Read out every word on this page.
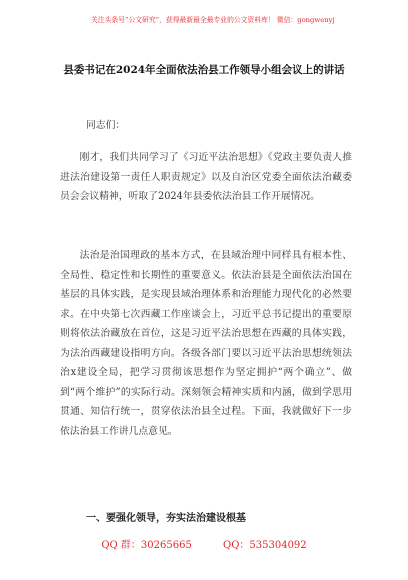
关注头条号“公文研究”，获得最新最全最专业的公文资料库！ 微信：gongwenyj
县委书记在2024年全面依法治县工作领导小组会议上的讲话
同志们：
刚才，我们共同学习了《习近平法治思想》《党政主要负责人推进法治建设第一责任人职责规定》以及自治区党委全面依法治藏委员会会议精神，听取了2024年县委依法治县工作开展情况。
法治是治国理政的基本方式，在县域治理中同样具有根本性、全局性、稳定性和长期性的重要意义。依法治县是全面依法治国在基层的具体实践，是实现县域治理体系和治理能力现代化的必然要求。在中央第七次西藏工作座谈会上，习近平总书记提出的重要原则将依法治藏放在首位，这是习近平法治思想在西藏的具体实践，为法治西藏建设指明方向。各级各部门要以习近平法治思想统领法治x建设全局，把学习贯彻该思想作为坚定拥护“两个确立”、做到“两个维护”的实际行动。深刻领会精神实质和内涵，做到学思用贯通、知信行统一，贯穿依法治县全过程。下面，我就做好下一步依法治县工作讲几点意见。
一、要强化领导，夯实法治建设根基
QQ 群：30265665	QQ：535304092
